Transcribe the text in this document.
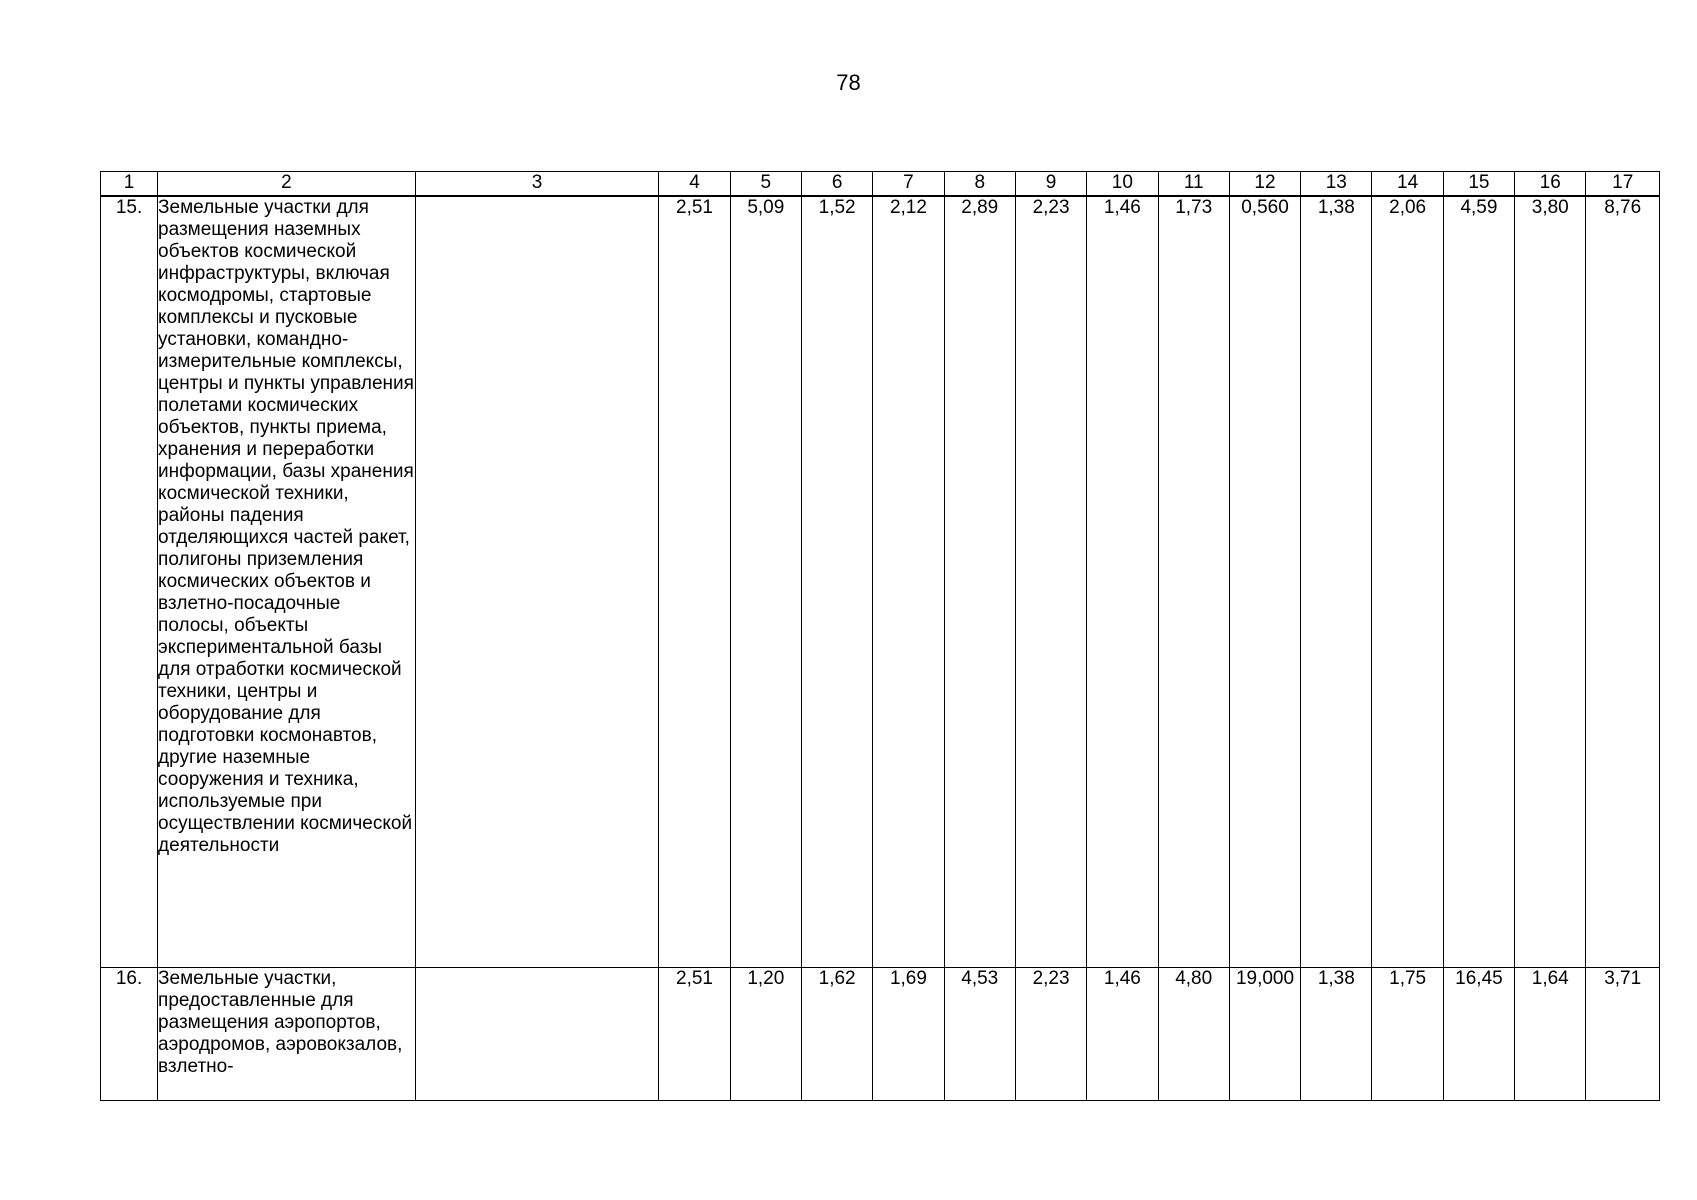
78
1	2	3	4	5	6	7	8	9	10	11	12	13	14	15	16	17
15.	Земельные участки для размещения наземных объектов космической инфраструктуры, включая космодромы, стартовые комплексы и пусковые установки, командно-измерительные комплексы, центры и пункты управления полетами космических объектов, пункты приема, хранения и переработки информации, базы хранения космической техники, районы падения отделяющихся частей ракет, полигоны приземления космических объектов и взлетно-посадочные полосы, объекты экспериментальной базы для отработки космической техники, центры и оборудование для подготовки космонавтов, другие наземные сооружения и техника, используемые при осуществлении космической деятельности		2,51	5,09	1,52	2,12	2,89	2,23	1,46	1,73	0,560	1,38	2,06	4,59	3,80	8,76
16.	Земельные участки, предоставленные для размещения аэропортов, аэродромов, аэровокзалов, взлетно-		2,51	1,20	1,62	1,69	4,53	2,23	1,46	4,80	19,000	1,38	1,75	16,45	1,64	3,71
